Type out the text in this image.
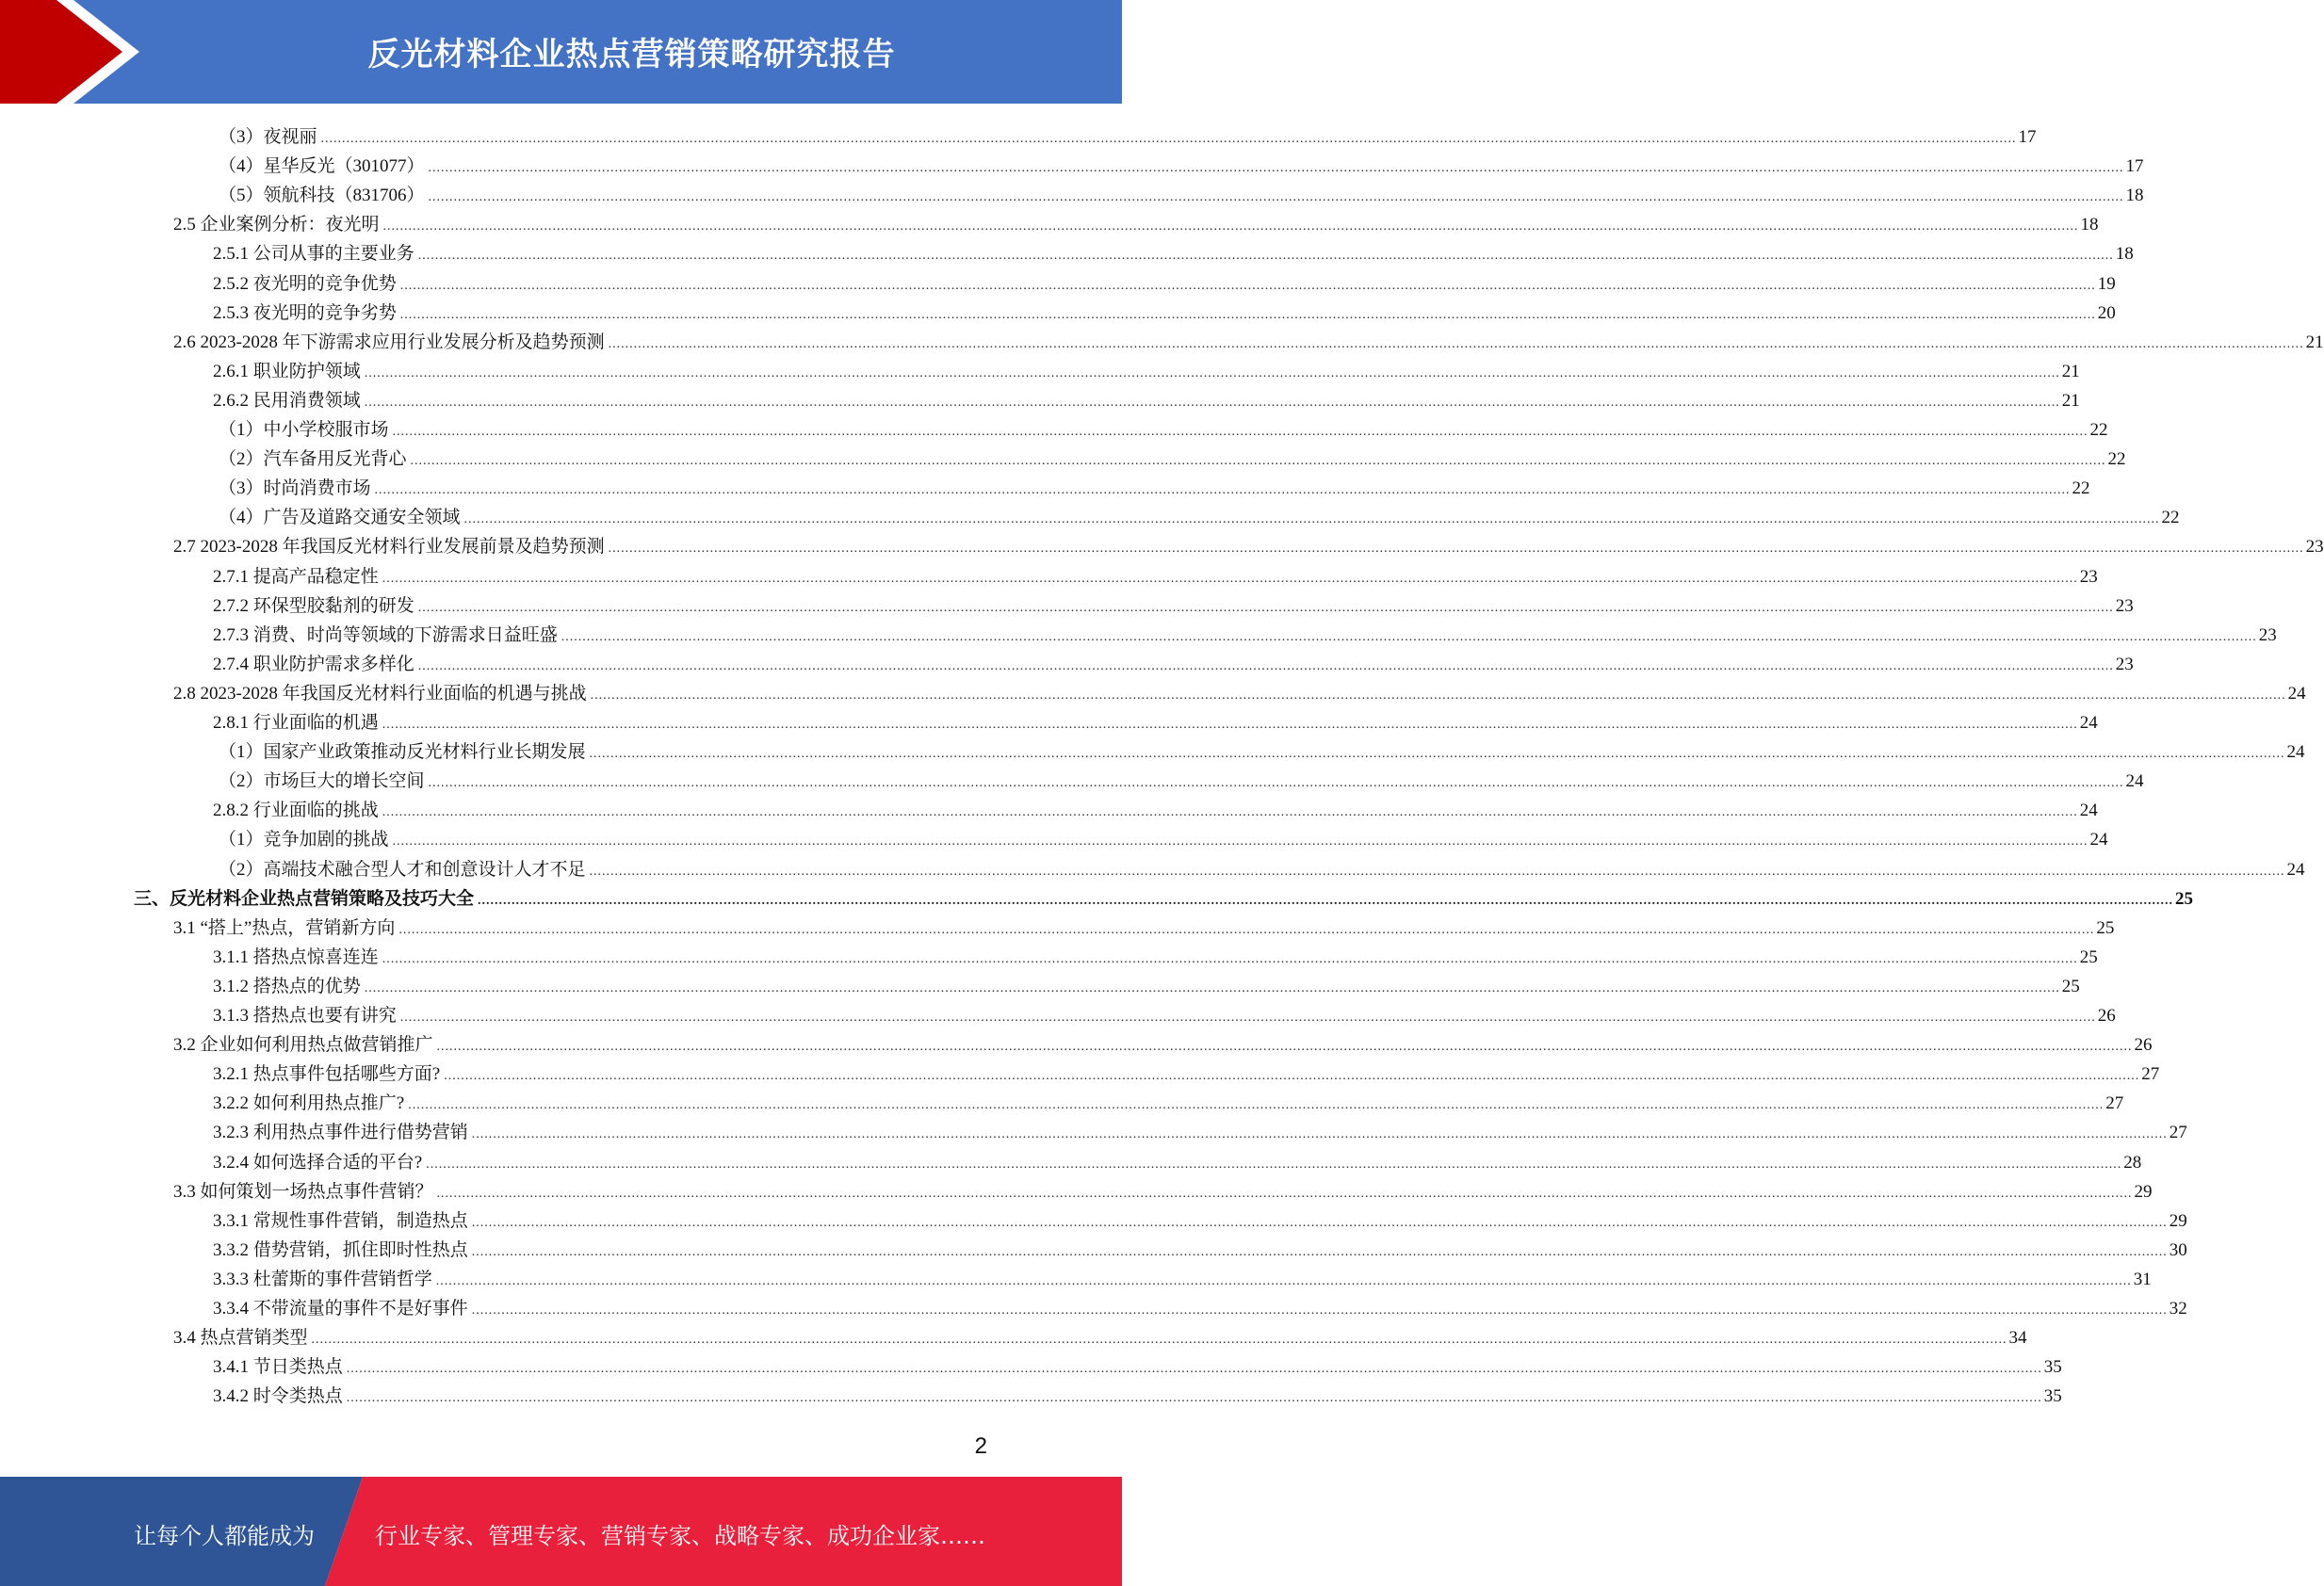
反光材料企业热点营销策略研究报告
（3）夜视丽 ................................................................................................................................................................................................................................................................................................................................................................................................................ 17
（4）星华反光（301077） ................................................................................................................................................................................................................................................................................................................................................................................................................ 17
（5）领航科技（831706） ................................................................................................................................................................................................................................................................................................................................................................................................................ 18
2.5 企业案例分析：夜光明 ................................................................................................................................................................................................................................................................................................................................................................................................................ 18
2.5.1 公司从事的主要业务 ................................................................................................................................................................................................................................................................................................................................................................................................................ 18
2.5.2 夜光明的竞争优势 ................................................................................................................................................................................................................................................................................................................................................................................................................ 19
2.5.3 夜光明的竞争劣势 ................................................................................................................................................................................................................................................................................................................................................................................................................ 20
2.6 2023-2028 年下游需求应用行业发展分析及趋势预测 ................................................................................................................................................................................................................................................................................................................................................................................................................ 21
2.6.1 职业防护领域 ................................................................................................................................................................................................................................................................................................................................................................................................................ 21
2.6.2 民用消费领域 ................................................................................................................................................................................................................................................................................................................................................................................................................ 21
（1）中小学校服市场 ................................................................................................................................................................................................................................................................................................................................................................................................................ 22
（2）汽车备用反光背心 ................................................................................................................................................................................................................................................................................................................................................................................................................ 22
（3）时尚消费市场 ................................................................................................................................................................................................................................................................................................................................................................................................................ 22
（4）广告及道路交通安全领域 ................................................................................................................................................................................................................................................................................................................................................................................................................ 22
2.7 2023-2028 年我国反光材料行业发展前景及趋势预测 ................................................................................................................................................................................................................................................................................................................................................................................................................ 23
2.7.1 提高产品稳定性 ................................................................................................................................................................................................................................................................................................................................................................................................................ 23
2.7.2 环保型胶黏剂的研发 ................................................................................................................................................................................................................................................................................................................................................................................................................ 23
2.7.3 消费、时尚等领域的下游需求日益旺盛 ................................................................................................................................................................................................................................................................................................................................................................................................................ 23
2.7.4 职业防护需求多样化 ................................................................................................................................................................................................................................................................................................................................................................................................................ 23
2.8 2023-2028 年我国反光材料行业面临的机遇与挑战 ................................................................................................................................................................................................................................................................................................................................................................................................................ 24
2.8.1 行业面临的机遇 ................................................................................................................................................................................................................................................................................................................................................................................................................ 24
（1）国家产业政策推动反光材料行业长期发展 ................................................................................................................................................................................................................................................................................................................................................................................................................ 24
（2）市场巨大的增长空间 ................................................................................................................................................................................................................................................................................................................................................................................................................ 24
2.8.2 行业面临的挑战 ................................................................................................................................................................................................................................................................................................................................................................................................................ 24
（1）竞争加剧的挑战 ................................................................................................................................................................................................................................................................................................................................................................................................................ 24
（2）高端技术融合型人才和创意设计人才不足 ................................................................................................................................................................................................................................................................................................................................................................................................................ 24
三、反光材料企业热点营销策略及技巧大全 ................................................................................................................................................................................................................................................................................................................................................................................................................ 25
3.1 “搭上”热点，营销新方向 ................................................................................................................................................................................................................................................................................................................................................................................................................ 25
3.1.1 搭热点惊喜连连 ................................................................................................................................................................................................................................................................................................................................................................................................................ 25
3.1.2 搭热点的优势 ................................................................................................................................................................................................................................................................................................................................................................................................................ 25
3.1.3 搭热点也要有讲究 ................................................................................................................................................................................................................................................................................................................................................................................................................ 26
3.2 企业如何利用热点做营销推广 ................................................................................................................................................................................................................................................................................................................................................................................................................ 26
3.2.1 热点事件包括哪些方面? ................................................................................................................................................................................................................................................................................................................................................................................................................ 27
3.2.2 如何利用热点推广? ................................................................................................................................................................................................................................................................................................................................................................................................................ 27
3.2.3 利用热点事件进行借势营销 ................................................................................................................................................................................................................................................................................................................................................................................................................ 27
3.2.4 如何选择合适的平台? ................................................................................................................................................................................................................................................................................................................................................................................................................ 28
3.3 如何策划一场热点事件营销？ ................................................................................................................................................................................................................................................................................................................................................................................................................ 29
3.3.1 常规性事件营销，制造热点 ................................................................................................................................................................................................................................................................................................................................................................................................................ 29
3.3.2 借势营销，抓住即时性热点 ................................................................................................................................................................................................................................................................................................................................................................................................................ 30
3.3.3 杜蕾斯的事件营销哲学 ................................................................................................................................................................................................................................................................................................................................................................................................................ 31
3.3.4 不带流量的事件不是好事件 ................................................................................................................................................................................................................................................................................................................................................................................................................ 32
3.4 热点营销类型 ................................................................................................................................................................................................................................................................................................................................................................................................................ 34
3.4.1 节日类热点 ................................................................................................................................................................................................................................................................................................................................................................................................................ 35
3.4.2 时令类热点 ................................................................................................................................................................................................................................................................................................................................................................................................................ 35
2
让每个人都能成为	行业专家、管理专家、营销专家、战略专家、成功企业家……
